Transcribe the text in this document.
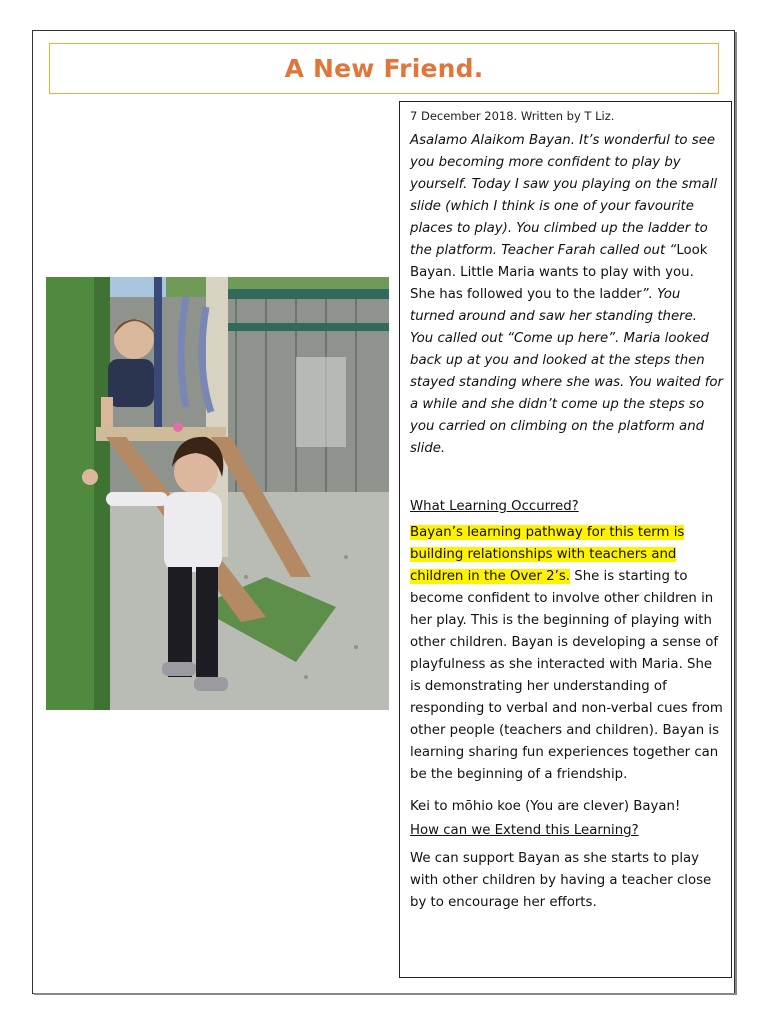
A New Friend.

7 December 2018. Written by T Liz.

Asalamo Alaikom Bayan. It’s wonderful to see you becoming more confident to play by yourself. Today I saw you playing on the small slide (which I think is one of your favourite places to play). You climbed up the ladder to the platform. Teacher Farah called out “Look Bayan. Little Maria wants to play with you. She has followed you to the ladder”. You turned around and saw her standing there. You called out “Come up here”. Maria looked back up at you and looked at the steps then stayed standing where she was. You waited for a while and she didn’t come up the steps so you carried on climbing on the platform and slide.

What Learning Occurred?

Bayan’s learning pathway for this term is building relationships with teachers and children in the Over 2’s. She is starting to become confident to involve other children in her play. This is the beginning of playing with other children. Bayan is developing a sense of playfulness as she interacted with Maria. She is demonstrating her understanding of responding to verbal and non-verbal cues from other people (teachers and children). Bayan is learning sharing fun experiences together can be the beginning of a friendship.

Kei to mōhio koe (You are clever) Bayan!

How can we Extend this Learning?

We can support Bayan as she starts to play with other children by having a teacher close by to encourage her efforts.
